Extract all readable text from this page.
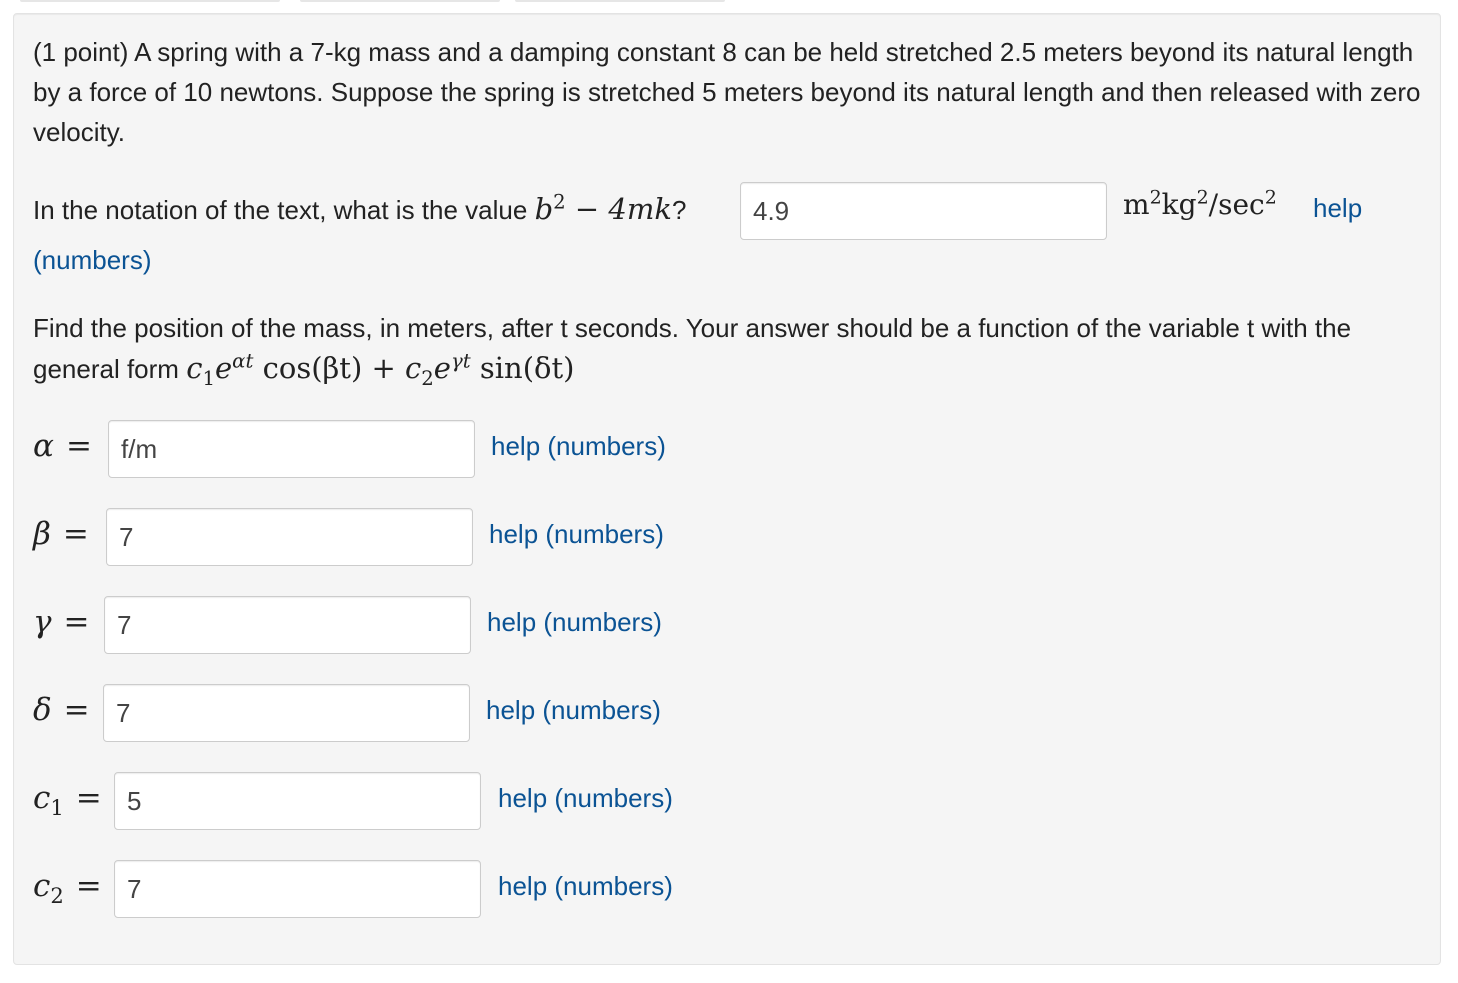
(1 point) A spring with a 7-kg mass and a damping constant 8 can be held stretched 2.5 meters beyond its natural length by a force of 10 newtons. Suppose the spring is stretched 5 meters beyond its natural length and then released with zero velocity.
In the notation of the text, what is the value $b^2 - 4mk$?
4.9	$m^2kg^2/\sec^2$ help
(numbers)
Find the position of the mass, in meters, after t seconds. Your answer should be a function of the variable t with the general form $c_1e^{\alpha t}$ $\cos(\beta t) + c_2e^{\gamma t}$ sin(δt)
α =
f/m	help (numbers)
β =
7	help (numbers)
γ =
7	help (numbers)
δ =
7	help (numbers)
$c_1$ =
5	help (numbers)
$c_2$ =
7	help (numbers)
